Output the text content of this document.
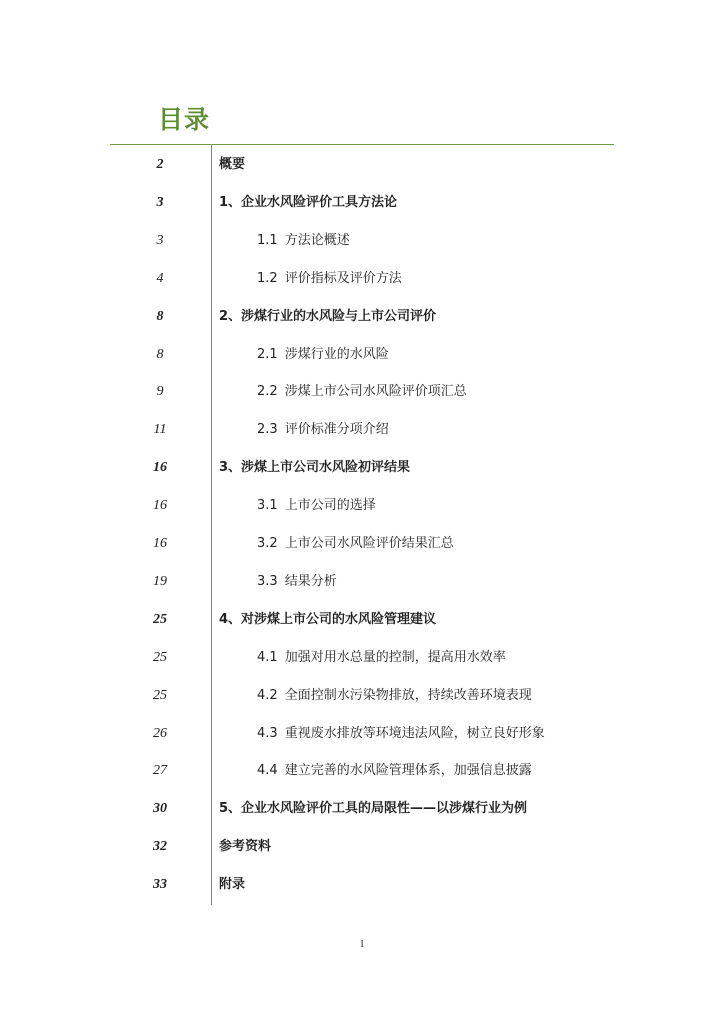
目录
2	概要
3	1、企业水风险评价工具方法论
3	1.1 方法论概述
4	1.2 评价指标及评价方法
8	2、涉煤行业的水风险与上市公司评价
8	2.1 涉煤行业的水风险
9	2.2 涉煤上市公司水风险评价项汇总
11	2.3 评价标准分项介绍
16	3、涉煤上市公司水风险初评结果
16	3.1 上市公司的选择
16	3.2 上市公司水风险评价结果汇总
19	3.3 结果分析
25	4、对涉煤上市公司的水风险管理建议
25	4.1 加强对用水总量的控制，提高用水效率
25	4.2 全面控制水污染物排放，持续改善环境表现
26	4.3 重视废水排放等环境违法风险，树立良好形象
27	4.4 建立完善的水风险管理体系，加强信息披露
30	5、企业水风险评价工具的局限性——以涉煤行业为例
32	参考资料
33	附录
1
